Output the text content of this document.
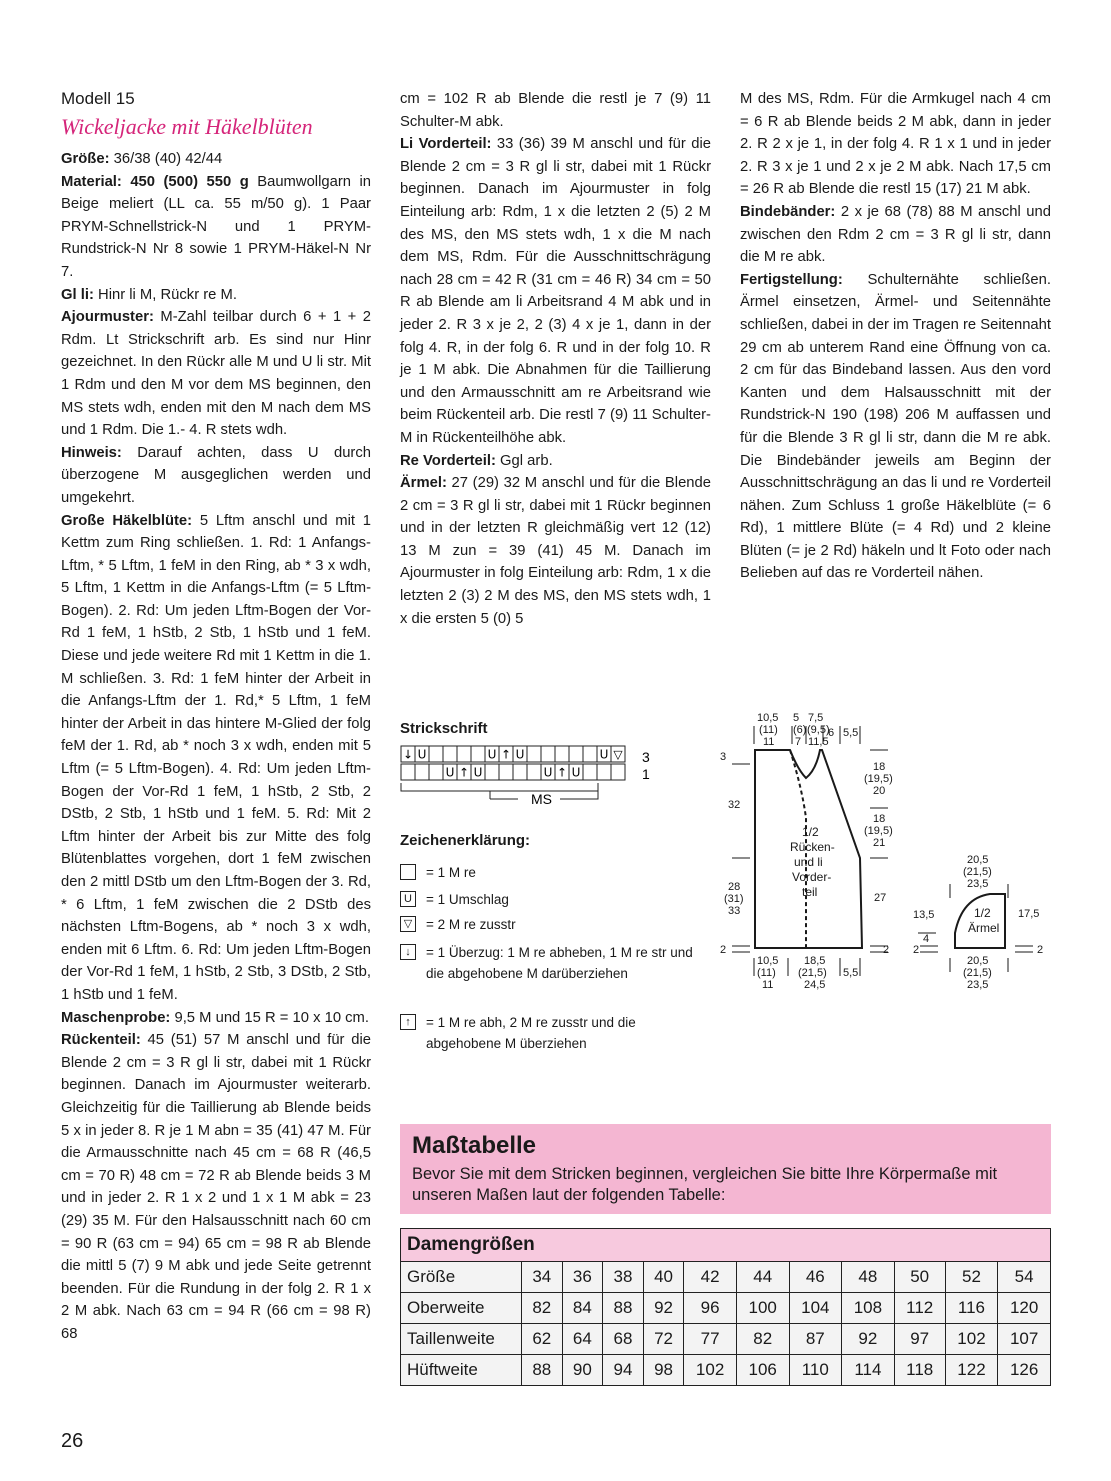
Modell 15
Wickeljacke mit Häkelblüten

Größe: 36/38 (40) 42/44

Material: 450 (500) 550 g Baumwollgarn in Beige meliert (LL ca. 55 m/50 g). 1 Paar PRYM-Schnellstrick-N und 1 PRYM-Rundstrick-N Nr 8 sowie 1 PRYM-Häkel-N Nr 7.

Gl li: Hinr li M, Rückr re M.

Ajourmuster: M-Zahl teilbar durch 6 + 1 + 2 Rdm. Lt Strickschrift arb. Es sind nur Hinr gezeichnet. In den Rückr alle M und U li str. Mit 1 Rdm und den M vor dem MS beginnen, den MS stets wdh, enden mit den M nach dem MS und 1 Rdm. Die 1.- 4. R stets wdh.

Hinweis: Darauf achten, dass U durch überzogene M ausgeglichen werden und umgekehrt.

Große Häkelblüte: 5 Lftm anschl und mit 1 Kettm zum Ring schließen. 1. Rd: 1 Anfangs-Lftm, * 5 Lftm, 1 feM in den Ring, ab * 3 x wdh, 5 Lftm, 1 Kettm in die Anfangs-Lftm (= 5 Lftm-Bogen). 2. Rd: Um jeden Lftm-Bogen der Vor-Rd 1 feM, 1 hStb, 2 Stb, 1 hStb und 1 feM. Diese und jede weitere Rd mit 1 Kettm in die 1. M schließen. 3. Rd: 1 feM hinter der Arbeit in die Anfangs-Lftm der 1. Rd,* 5 Lftm, 1 feM hinter der Arbeit in das hintere M-Glied der folg feM der 1. Rd, ab * noch 3 x wdh, enden mit 5 Lftm (= 5 Lftm-Bogen). 4. Rd: Um jeden Lftm-Bogen der Vor-Rd 1 feM, 1 hStb, 2 Stb, 2 DStb, 2 Stb, 1 hStb und 1 feM. 5. Rd: Mit 2 Lftm hinter der Arbeit bis zur Mitte des folg Blütenblattes vorgehen, dort 1 feM zwischen den 2 mittl DStb um den Lftm-Bogen der 3. Rd, * 6 Lftm, 1 feM zwischen die 2 DStb des nächsten Lftm-Bogens, ab * noch 3 x wdh, enden mit 6 Lftm. 6. Rd: Um jeden Lftm-Bogen der Vor-Rd 1 feM, 1 hStb, 2 Stb, 3 DStb, 2 Stb, 1 hStb und 1 feM.

Maschenprobe: 9,5 M und 15 R = 10 x 10 cm.

Rückenteil: 45 (51) 57 M anschl und für die Blende 2 cm = 3 R gl li str, dabei mit 1 Rückr beginnen. Danach im Ajourmuster weiterarb. Gleichzeitig für die Taillierung ab Blende beids 5 x in jeder 8. R je 1 M abn = 35 (41) 47 M. Für die Armausschnitte nach 45 cm = 68 R (46,5 cm = 70 R) 48 cm = 72 R ab Blende beids 3 M und in jeder 2. R 1 x 2 und 1 x 1 M abk = 23 (29) 35 M. Für den Halsausschnitt nach 60 cm = 90 R (63 cm = 94) 65 cm = 98 R ab Blende die mittl 5 (7) 9 M abk und jede Seite getrennt beenden. Für die Rundung in der folg 2. R 1 x 2 M abk. Nach 63 cm = 94 R (66 cm = 98 R) 68

cm = 102 R ab Blende die restl je 7 (9) 11 Schulter-M abk.

Li Vorderteil: 33 (36) 39 M anschl und für die Blende 2 cm = 3 R gl li str, dabei mit 1 Rückr beginnen. Danach im Ajourmuster in folg Einteilung arb: Rdm, 1 x die letzten 2 (5) 2 M des MS, den MS stets wdh, 1 x die M nach dem MS, Rdm. Für die Ausschnittschrägung nach 28 cm = 42 R (31 cm = 46 R) 34 cm = 50 R ab Blende am li Arbeitsrand 4 M abk und in jeder 2. R 3 x je 2, 2 (3) 4 x je 1, dann in der folg 4. R, in der folg 6. R und in der folg 10. R je 1 M abk. Die Abnahmen für die Taillierung und den Armausschnitt am re Arbeitsrand wie beim Rückenteil arb. Die restl 7 (9) 11 Schulter-M in Rückenteilhöhe abk.

Re Vorderteil: Ggl arb.

Ärmel: 27 (29) 32 M anschl und für die Blende 2 cm = 3 R gl li str, dabei mit 1 Rückr beginnen und in der letzten R gleichmäßig vert 12 (12) 13 M zun = 39 (41) 45 M. Danach im Ajourmuster in folg Einteilung arb: Rdm, 1 x die letzten 2 (3) 2 M des MS, den MS stets wdh, 1 x die ersten 5 (0) 5

M des MS, Rdm. Für die Armkugel nach 4 cm = 6 R ab Blende beids 2 M abk, dann in jeder 2. R 2 x je 1, in der folg 4. R 1 x 1 und in jeder 2. R 3 x je 1 und 2 x je 2 M abk. Nach 17,5 cm = 26 R ab Blende die restl 15 (17) 21 M abk.

Bindebänder: 2 x je 68 (78) 88 M anschl und zwischen den Rdm 2 cm = 3 R gl li str, dann die M re abk.

Fertigstellung: Schulternähte schließen. Ärmel einsetzen, Ärmel- und Seitennähte schließen, dabei in der im Tragen re Seitennaht 29 cm ab unterem Rand eine Öffnung von ca. 2 cm für das Bindeband lassen. Aus den vord Kanten und dem Halsausschnitt mit der Rundstrick-N 190 (198) 206 M auffassen und für die Blende 3 R gl li str, dann die M re abk. Die Bindebänder jeweils am Beginn der Ausschnittschrägung an das li und re Vorderteil nähen. Zum Schluss 1 große Häkelblüte (= 6 Rd), 1 mittlere Blüte (= 4 Rd) und 2 kleine Blüten (= je 2 Rd) häkeln und lt Foto oder nach Belieben auf das re Vorderteil nähen.

Strickschrift
↓ U	U ↑ U	U ▽
U ↑ U	U ↑ U
3
1
MS
Zeichenerklärung:
= 1 M re
U = 1 Umschlag
▽ = 2 M re zusstr
↓	= 1 Überzug: 1 M re abheben, 1 M re str und die abgehobene M darüberziehen
↑	= 1 M re abh, 2 M re zusstr und die abgehobene M überziehen
10,5
(11)
11
5
(6)
7
7,5
(9,5)
11,5
6 5,5
3
32
28
(31)
33
2
18
(19,5)
20
18
(19,5)
21
27
2
10,5
(11)
11
18,5
(21,5)
24,5
5,5
1/2
Rücken-
und li
Vorder-
teil
20,5
(21,5)
23,5
20,5
(21,5)
23,5
13,5
4
2
17,5
2
1/2
Ärmel
Maßtabelle
Bevor Sie mit dem Stricken beginnen, vergleichen Sie bitte Ihre Körpermaße mit unseren Maßen laut der folgenden Tabelle:
Damengrößen											
Größe	34	36	38	40	42	44	46	48	50	52	54
Oberweite	82	84	88	92	96	100	104	108	112	116	120
Taillenweite	62	64	68	72	77	82	87	92	97	102	107
Hüftweite	88	90	94	98	102	106	110	114	118	122	126
26
